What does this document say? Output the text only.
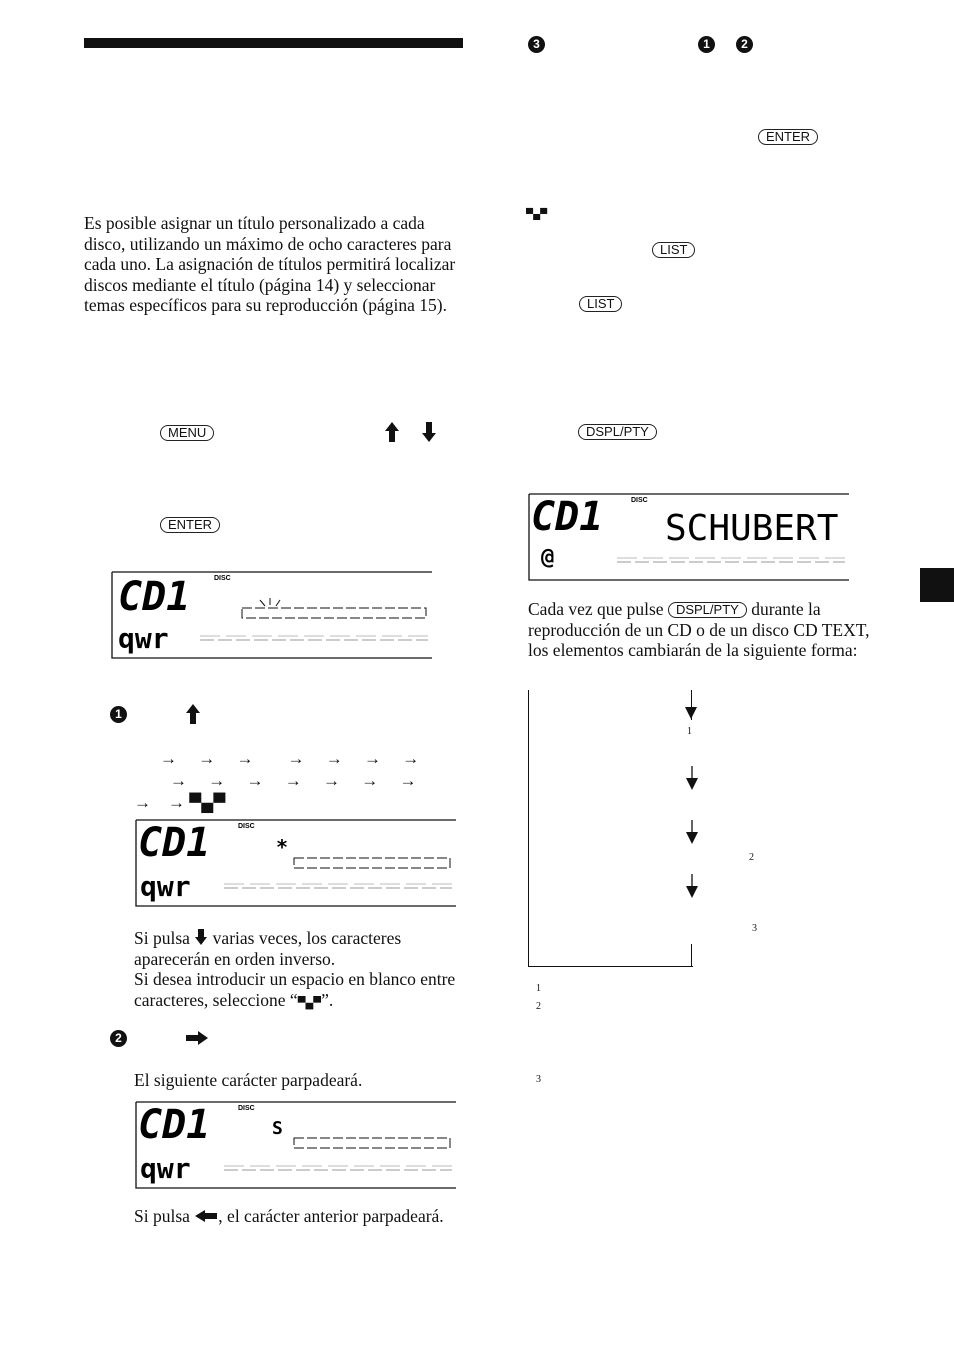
Es posible asignar un título personalizado a cada disco, utilizando un máximo de ocho caracteres para cada uno. La asignación de títulos permitirá localizar discos mediante el título (página 14) y seleccionar temas específicos para su reproducción (página 15).
MENU
ENTER
CD1	DISC
qwr
1
→     →     →        →     →     →     →
→     →     →     →     →     →     →
→    → ▀▄▀
CD1	DISC
qwr
*
Si pulsa varias veces, los caracteres aparecerán en orden inverso.
Si desea introducir un espacio en blanco entre caracteres, seleccione “▀▄▀”.
2
El siguiente carácter parpadeará.
CD1	DISC
qwr
S
Si pulsa , el carácter anterior parpadeará.
3	1	2
ENTER
▀▄▀
LIST
LIST
DSPL/PTY
CD1	DISC
SCHUBERT
@
Cada vez que pulse DSPL/PTY durante la reproducción de un CD o de un disco CD TEXT, los elementos cambiarán de la siguiente forma:
1
2
3
1
2
3
